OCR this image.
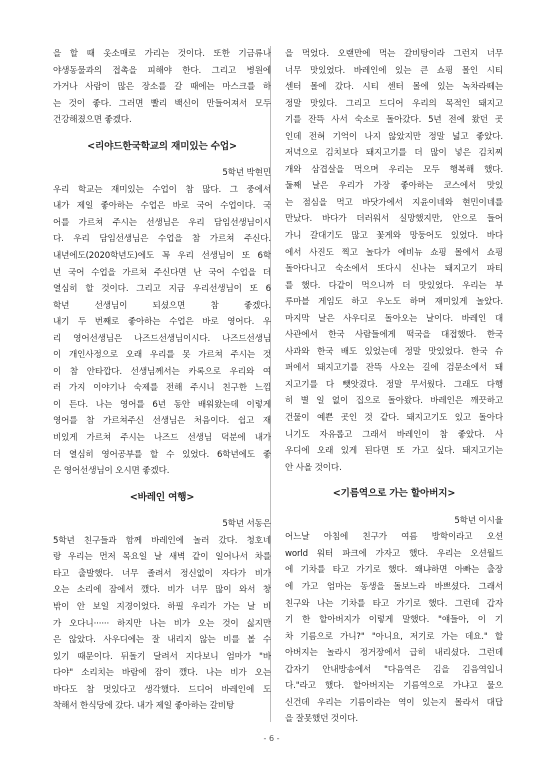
을 할 때 옷소매로 가리는 것이다. 또한 기금류나
야생동물과의 접촉을 피해야 한다. 그리고 병원에
가거나 사람이 많은 장소를 갈 때에는 마스크를 하
는 것이 좋다. 그러면 빨리 백신이 만들어져서 모두
건강해졌으면 좋겠다.
<리야드한국학교의 재미있는 수업>
5학년 박현민
우리 학교는 재미있는 수업이 참 많다. 그 중에서
내가 제일 좋아하는 수업은 바로 국어 수업이다. 국
어를 가르쳐 주시는 선생님은 우리 담임선생님이시
다. 우리 담임선생님은 수업을 참 가르쳐 주신다.
내년에도(2020학년도)에도 꼭 우리 선생님이 또 6학
년 국어 수업을 가르쳐 주신다면 난 국어 수업을 더
열심히 할 것이다. 그리고 지금 우리선생님이 또 6
학년 선생님이 되셨으면 참 좋겠다.
내기 두 번째로 좋아하는 수업은 바로 영어다. 우
리 영어선생님은 나즈드선생님이시다. 나즈드선생님
이 개인사정으로 오래 우리를 못 가르쳐 주시는 것
이 참 안타깝다. 선생님께서는 카록으로 우리와 여
러 가지 이야기나 숙제를 전해 주시니 친구한 느낌
이 든다. 나는 영어를 6년 동안 배워왔는데 이렇게
영어를 참 가르쳐주신 선생님은 처음이다. 쉽고 재
비있게 가르쳐 주시는 나즈드 선생님 덕분에 내가
더 열심히 영어공부를 할 수 있었다. 6학년에도 좋
은 영어선생님이 오시면 좋겠다.
<바레인 여행>
5학년 서동은
5학년 친구들과 함께 바레인에 놀러 갔다. 청호네
랑 우리는 먼저 목요일 날 새벽 같이 일어나서 차를
타고 출발했다. 너무 졸려서 정신없이 자다가 비가
오는 소리에 잠에서 깼다. 비가 너무 많이 와서 창
밖이 안 보일 지경이었다. 하필 우리가 가는 날 비
가 오다니······ 하지만 나는 비가 오는 것이 싫지만
은 않았다. 사우디에는 잘 내리지 않는 비를 볼 수
있기 때문이다. 뒤돌기 달려서 지다보니 엄마가 "바
다야" 소리치는 바람에 잠이 깼다. 나는 비가 오는
바다도 참 멋있다고 생각했다. 드디어 바레인에 도
착해서 한식당에 갔다. 내가 제일 좋아하는 갈비탕
을 먹었다. 오랜만에 먹는 갈비탕이라 그런지 너무
너무 맛있었다. 바레인에 있는 큰 쇼핑 몰인 시티
센터 몰에 갔다. 시티 센터 몰에 있는 녹차라떼는
정말 맛있다. 그리고 드디어 우리의 목적인 돼지고
기를 잔뜩 사서 숙소로 돌아갔다. 5년 전에 왔던 곳
인데 전혀 기억이 나지 않았지만 정말 넓고 좋았다.
저녁으로 김치보다 돼지고기를 더 많이 넣은 김치찌
개와 삼겹살을 먹으며 우리는 모두 행복해 했다.
둘째 날은 우리가 가장 좋아하는 코스에서 맛있
는 점심을 먹고 바닷가에서 지윤이네와 현민이네를
만났다. 바다가 더러워서 실망했지만, 안으로 들어
가니 갈대기도 많고 꽃게와 망둥어도 있었다. 바다
에서 사진도 찍고 놀다가 에비뉴 쇼핑 몰에서 쇼핑
돌아다니고 숙소에서 또다시 신나는 돼지고기 파티
를 했다. 다같이 먹으니까 더 맛있었다. 우리는 부
루마블 게임도 하고 우노도 하며 재미있게 놀았다.
마지막 날은 사우디로 돌아오는 날이다. 바레인 대
사관에서 한국 사람들에게 떡국을 대접했다. 한국
사과와 한국 배도 있었는데 정말 맛있었다. 한국 슈
퍼에서 돼지고기를 잔뜩 사오는 길에 검문소에서 돼
지고기를 다 뺏앗겼다. 정말 무서웠다. 그래도 다행
히 별 일 없이 집으로 돌아왔다. 바레인은 깨끗하고
건물이 예쁜 곳인 것 같다. 돼지고기도 있고 돌아다
니기도 자유롭고 그래서 바레인이 참 좋았다. 사
우디에 오래 있게 된다면 또 가고 싶다. 돼지고기는
안 사올 것이다.
<기름역으로 가는 할아버지>
5학년 이시율
어느날 아침에 친구가 여름 방학이라고 오션
world 워터 파크에 가자고 했다. 우리는 오션월드
에 기차를 타고 가기로 했다. 왜냐하면 아빠는 출장
에 가고 엄마는 동생을 돌보느라 바쁘셨다. 그래서
친구와 나는 기차를 타고 가기로 했다. 그런데 갑자
기 한 할아버지가 이렇게 말했다. "얘들아, 이 기
차 기름으로 가니?" "아니요, 저기로 가는 데요." 할
아버지는 놀라시 정거장에서 급히 내리셨다. 그런데
갑자기 안내방송에서 "다음역은 김을 김음역입니
다."라고 했다. 할아버지는 기름역으로 가냐고 물으
신건데 우리는 기름이라는 역이 있는지 몰라서 대답
을 잘못했던 것이다.
- 6 -
